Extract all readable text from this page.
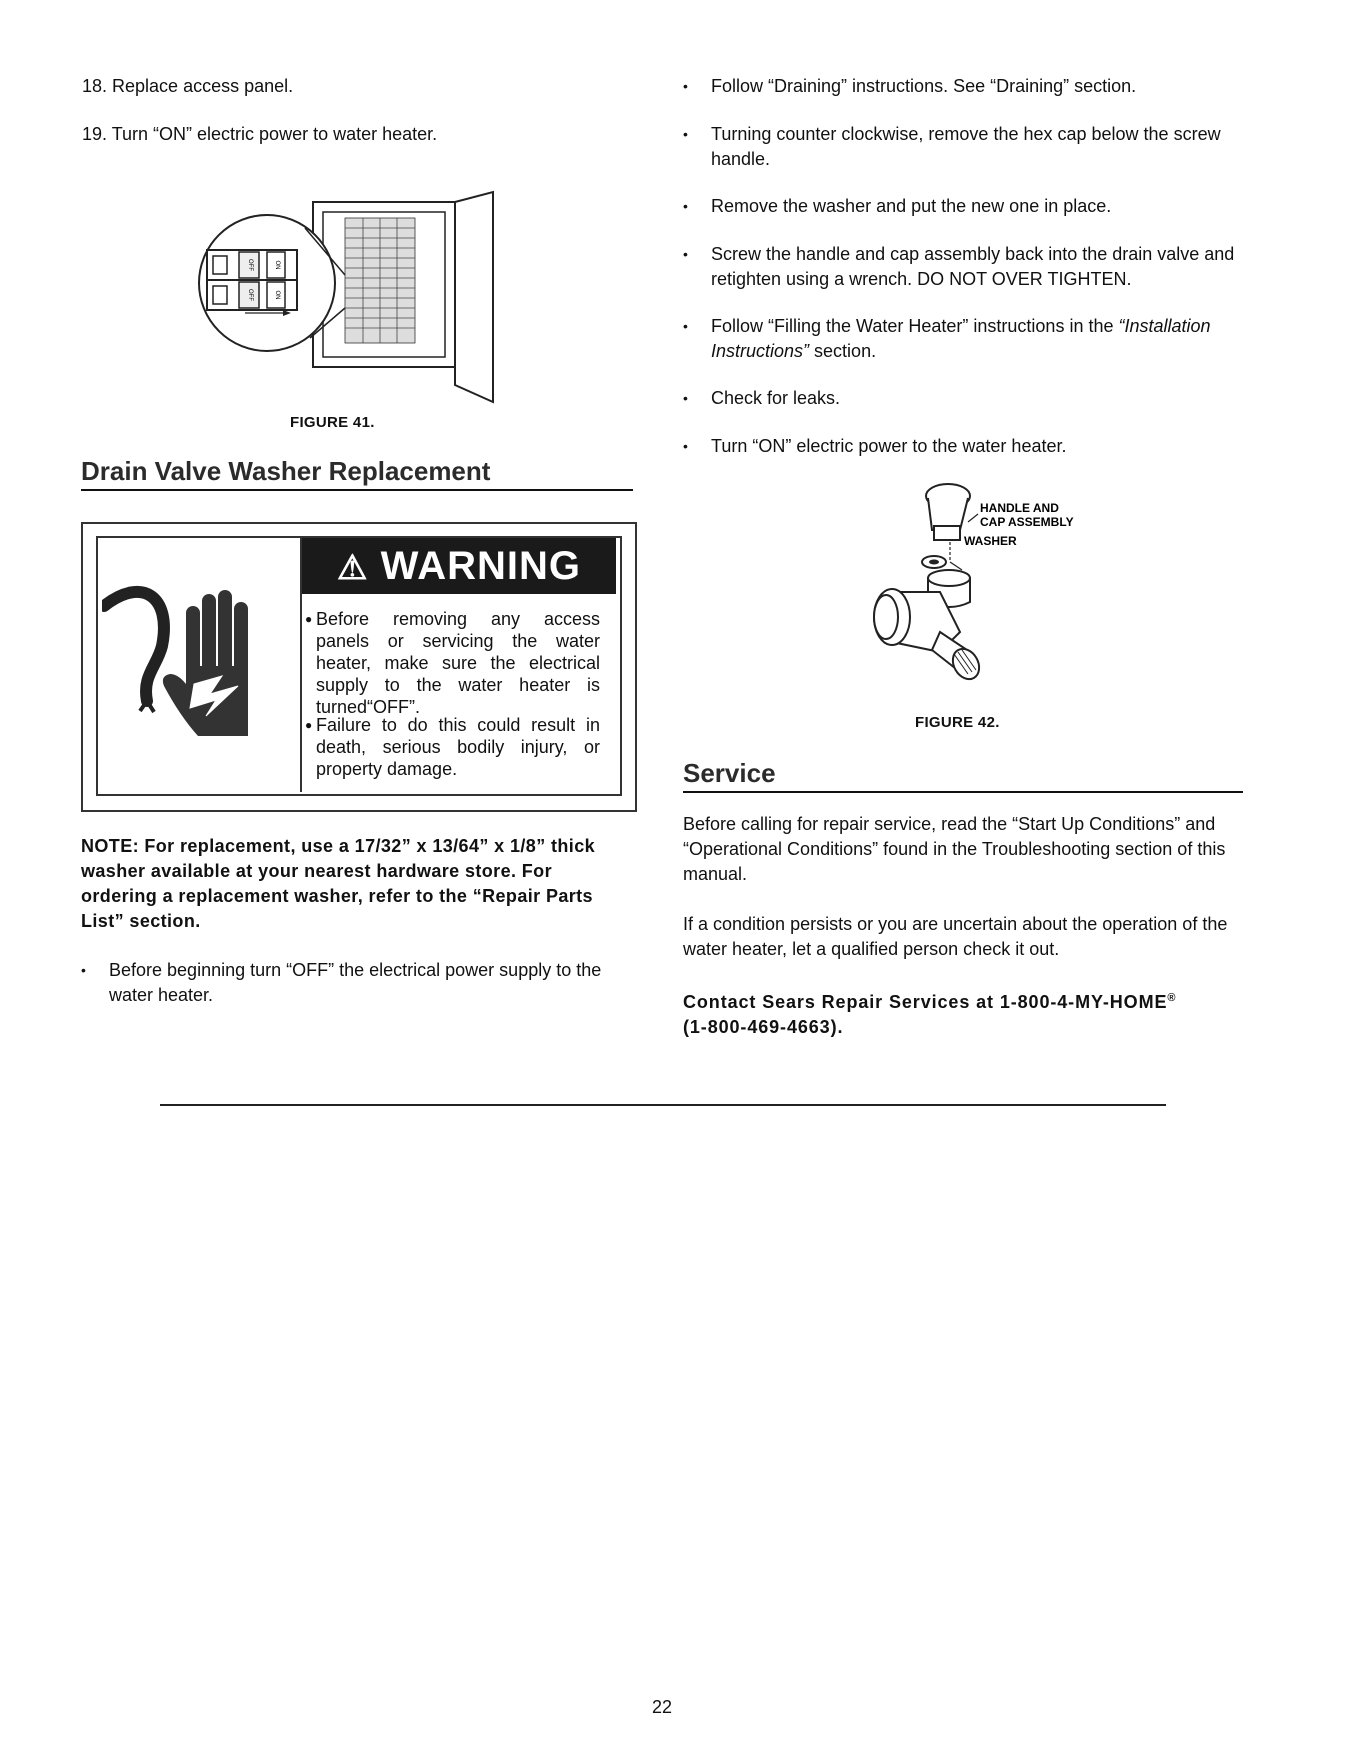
18. Replace access panel.
19. Turn “ON” electric power to water heater.
OFF	ON
OFF	ON
FIGURE 41.
Drain Valve Washer Replacement
⚠ WARNING
● Before removing any access panels or servicing the water heater, make sure the electrical supply to the water heater is turned“OFF”.
● Failure to do this could result in death, serious bodily injury, or property damage.
NOTE: For replacement, use a 17/32” x 13/64” x 1/8” thick washer available at your nearest hardware store. For ordering a replacement washer, refer to the “Repair Parts List” section.
•	Before beginning turn “OFF” the electrical power supply to the water heater.
•	Follow “Draining” instructions. See “Draining” section.
•	Turning counter clockwise, remove the hex cap below the screw handle.
•	Remove the washer and put the new one in place.
•	Screw the handle and cap assembly back into the drain valve and retighten using a wrench. DO NOT OVER TIGHTEN.
•	Follow “Filling the Water Heater” instructions in the “Installation Instructions” section.
•	Check for leaks.
•	Turn “ON” electric power to the water heater.
HANDLE AND
CAP ASSEMBLY
WASHER
FIGURE 42.
Service

Before calling for repair service, read the “Start Up Conditions” and “Operational Conditions” found in the Troubleshooting section of this manual.

If a condition persists or you are uncertain about the operation of the water heater, let a qualified person check it out.

Contact Sears Repair Services at 1-800-4-MY-HOME®
(1-800-469-4663).
22
